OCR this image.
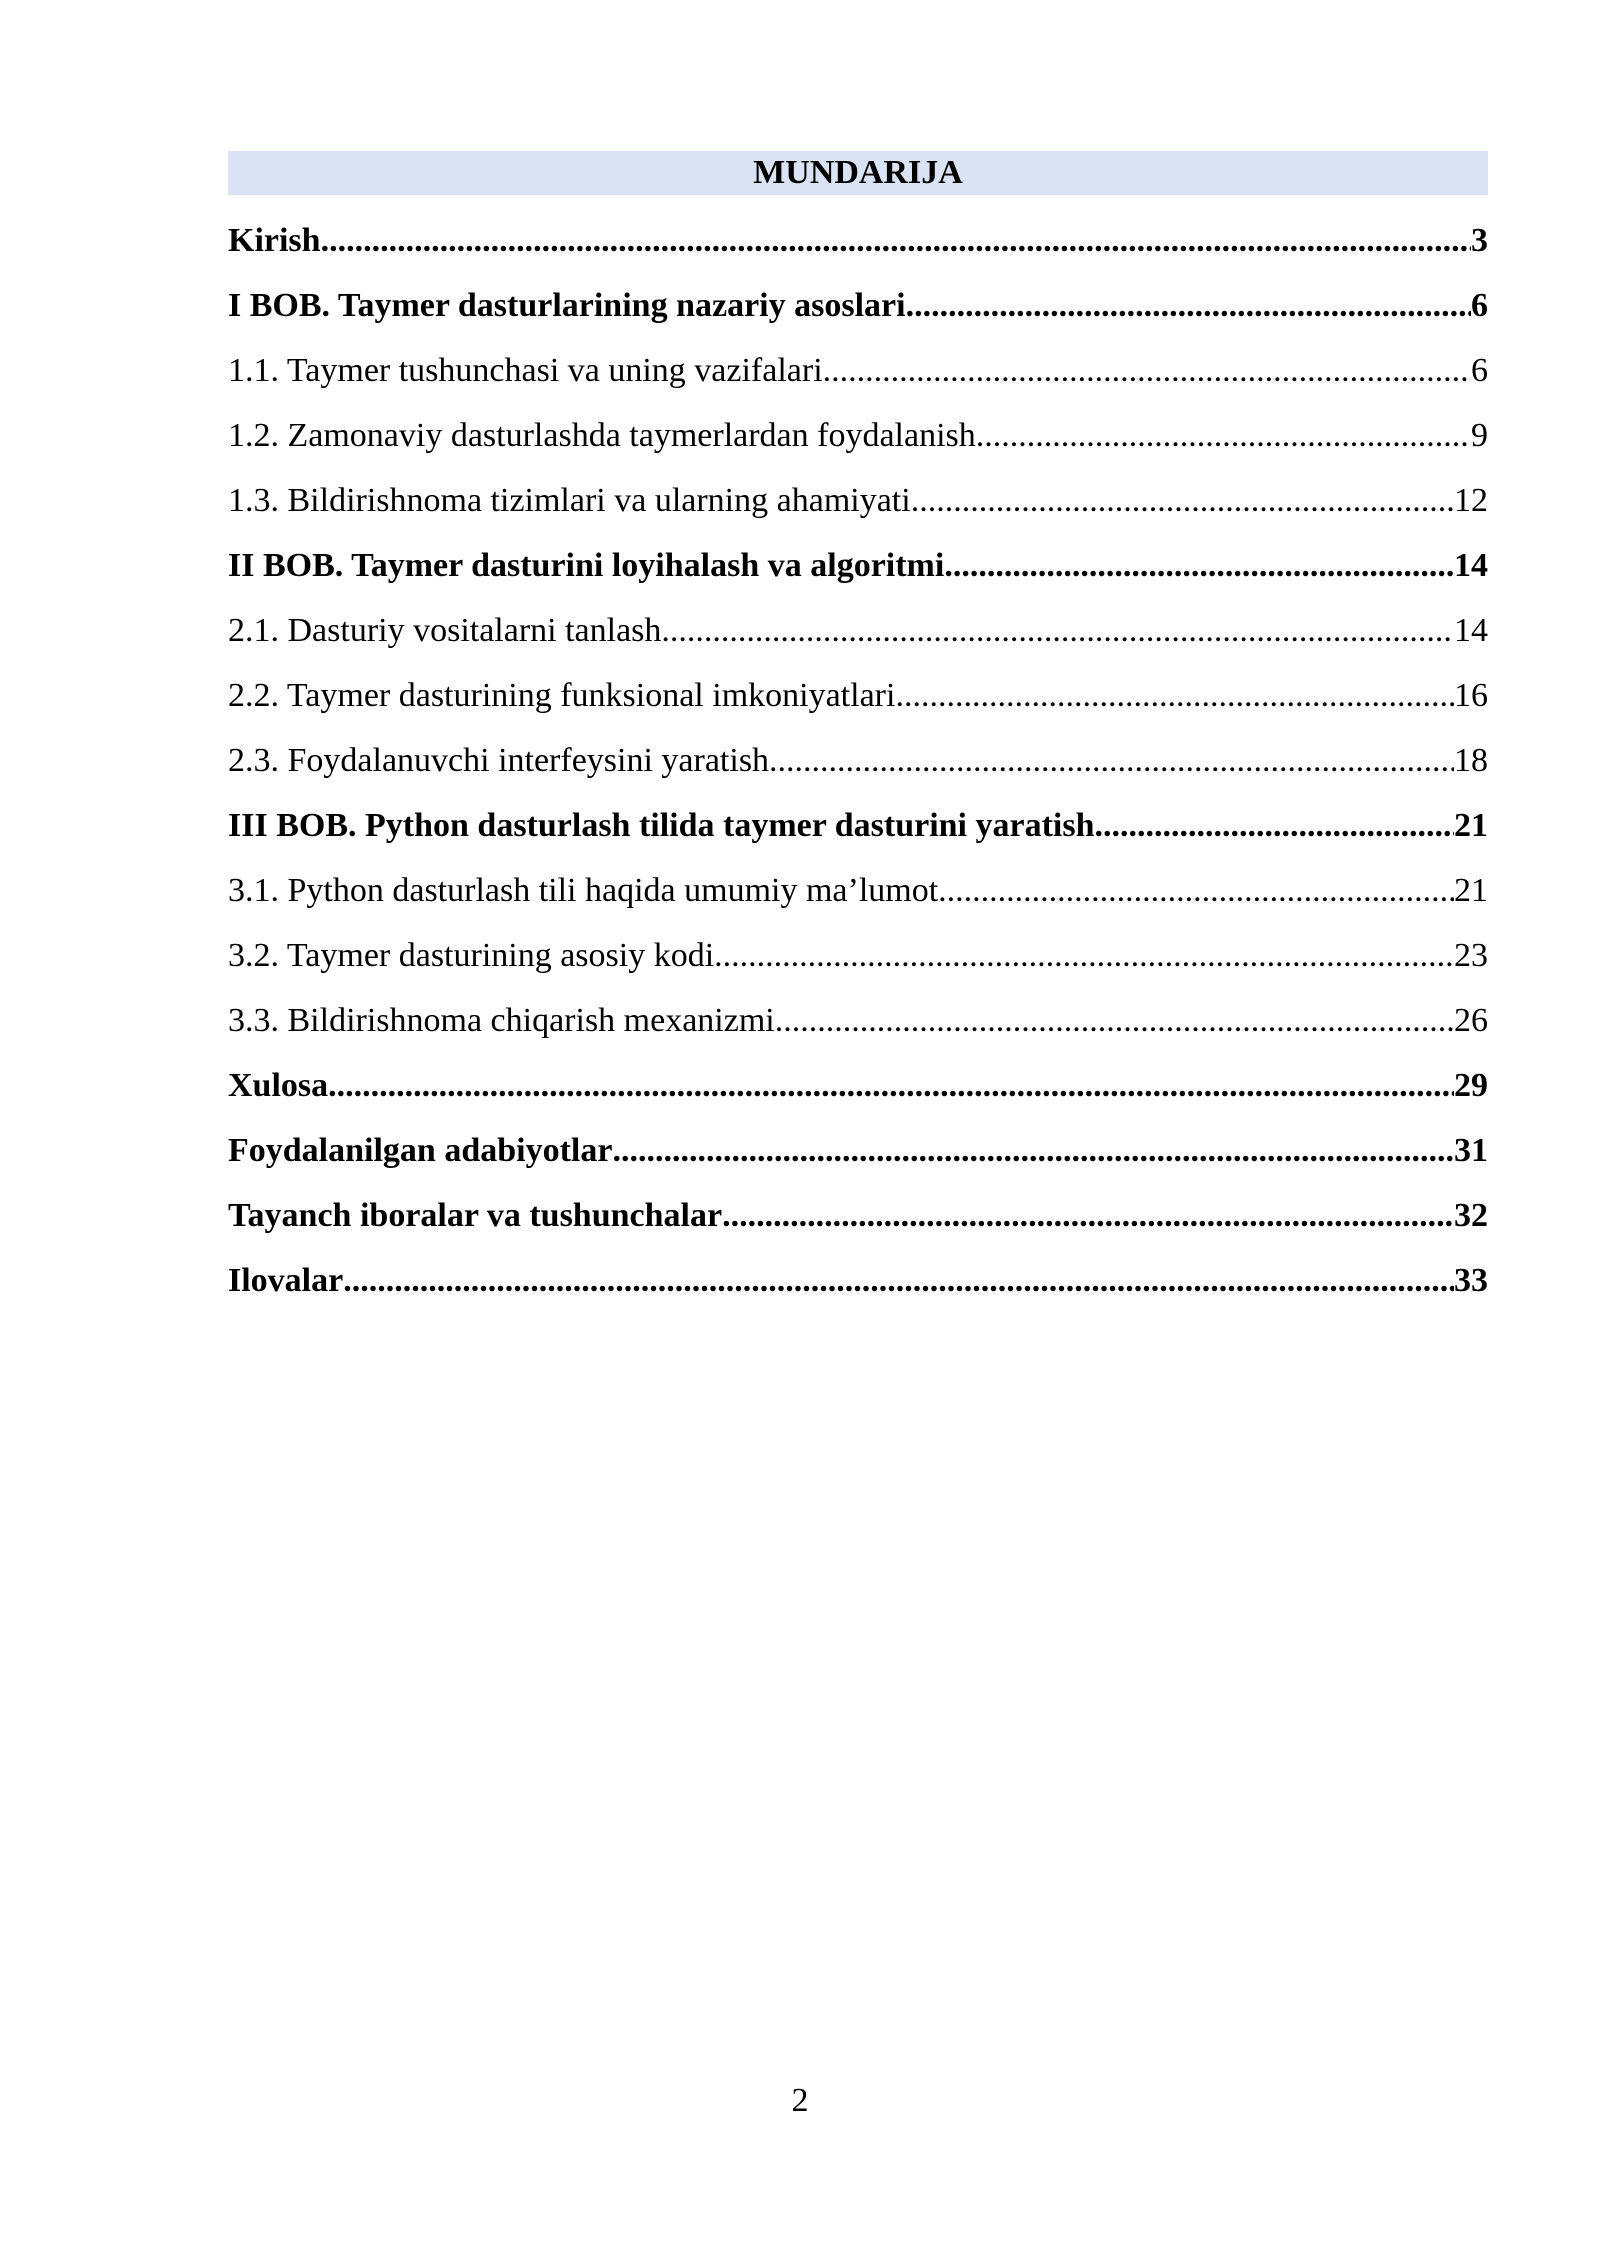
MUNDARIJA
Kirish .....	3
I BOB. Taymer dasturlarining nazariy asoslari .....	6
1.1. Taymer tushunchasi va uning vazifalari .....	6
1.2. Zamonaviy dasturlashda taymerlardan foydalanish .....	9
1.3. Bildirishnoma tizimlari va ularning ahamiyati .....	12
II BOB. Taymer dasturini loyihalash va algoritmi .....	14
2.1. Dasturiy vositalarni tanlash .....	14
2.2. Taymer dasturining funksional imkoniyatlari .....	16
2.3. Foydalanuvchi interfeysini yaratish .....	18
III BOB. Python dasturlash tilida taymer dasturini yaratish .....	21
3.1. Python dasturlash tili haqida umumiy ma’lumot .....	21
3.2. Taymer dasturining asosiy kodi .....	23
3.3. Bildirishnoma chiqarish mexanizmi .....	26
Xulosa .....	29
Foydalanilgan adabiyotlar .....	31
Tayanch iboralar va tushunchalar .....	32
Ilovalar .....	33
2
